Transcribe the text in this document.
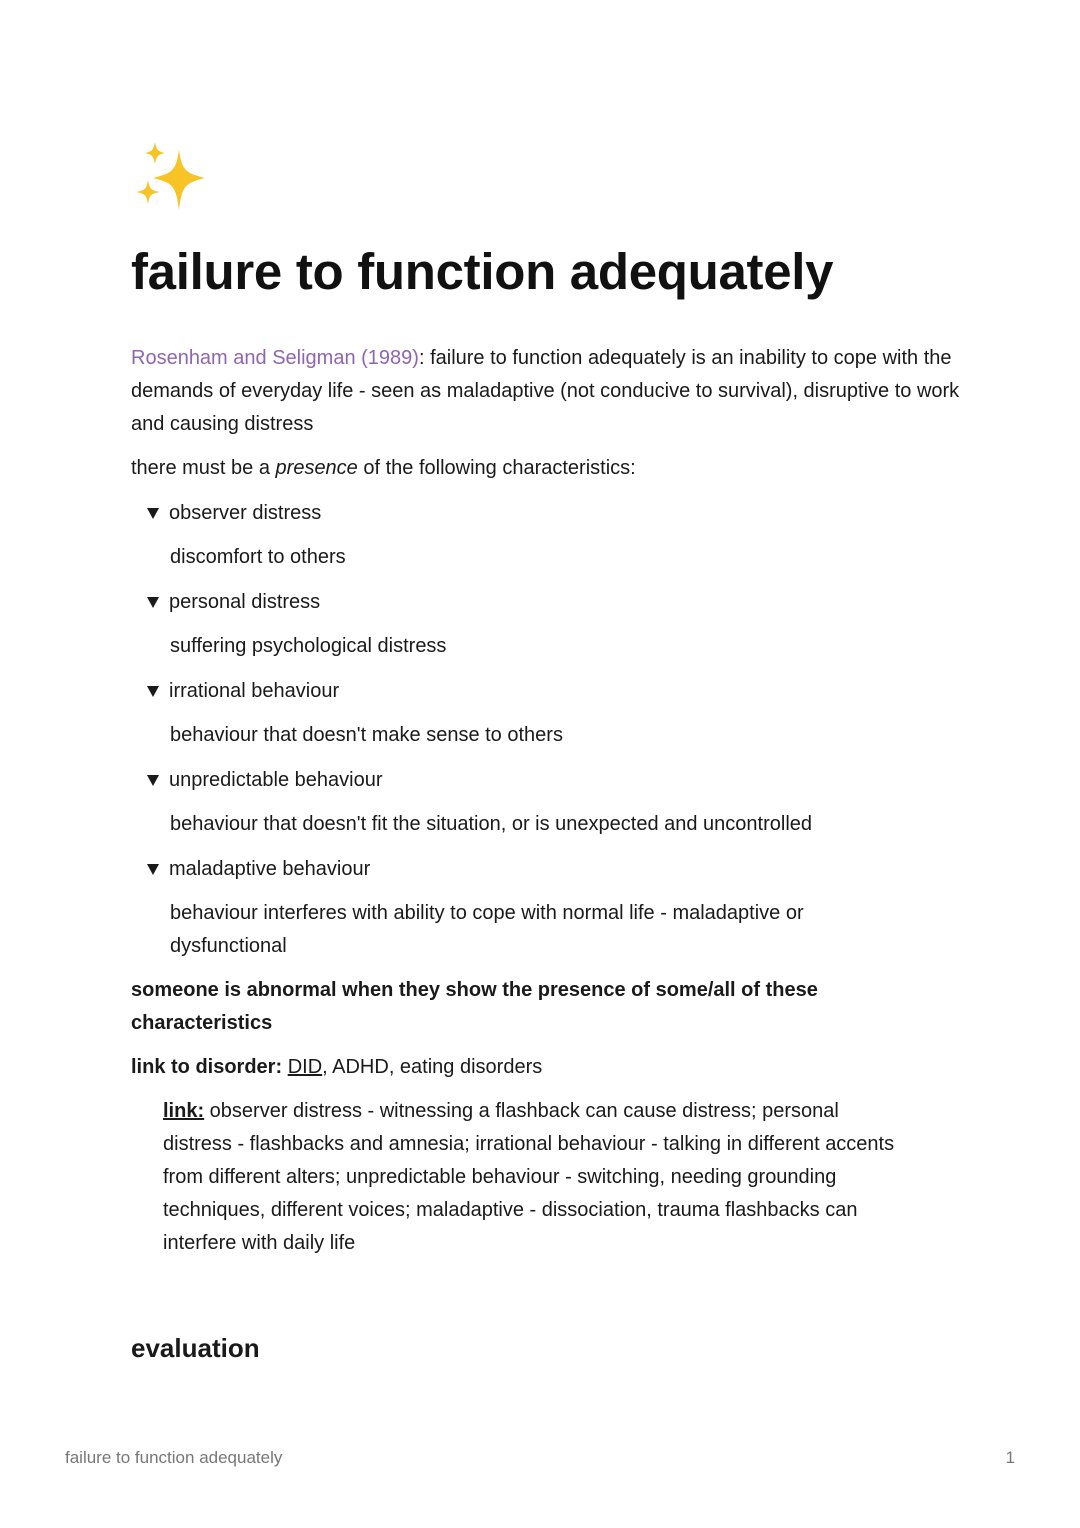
failure to function adequately

Rosenham and Seligman (1989): failure to function adequately is an inability to cope with the demands of everyday life - seen as maladaptive (not conducive to survival), disruptive to work and causing distress

there must be a presence of the following characteristics:

observer distress
discomfort to others
personal distress
suffering psychological distress
irrational behaviour
behaviour that doesn't make sense to others
unpredictable behaviour
behaviour that doesn't fit the situation, or is unexpected and uncontrolled
maladaptive behaviour
behaviour interferes with ability to cope with normal life - maladaptive or dysfunctional

someone is abnormal when they show the presence of some/all of these characteristics

link to disorder: DID, ADHD, eating disorders

link: observer distress - witnessing a flashback can cause distress; personal distress - flashbacks and amnesia; irrational behaviour - talking in different accents from different alters; unpredictable behaviour - switching, needing grounding techniques, different voices; maladaptive - dissociation, trauma flashbacks can interfere with daily life
evaluation
failure to function adequately	1
